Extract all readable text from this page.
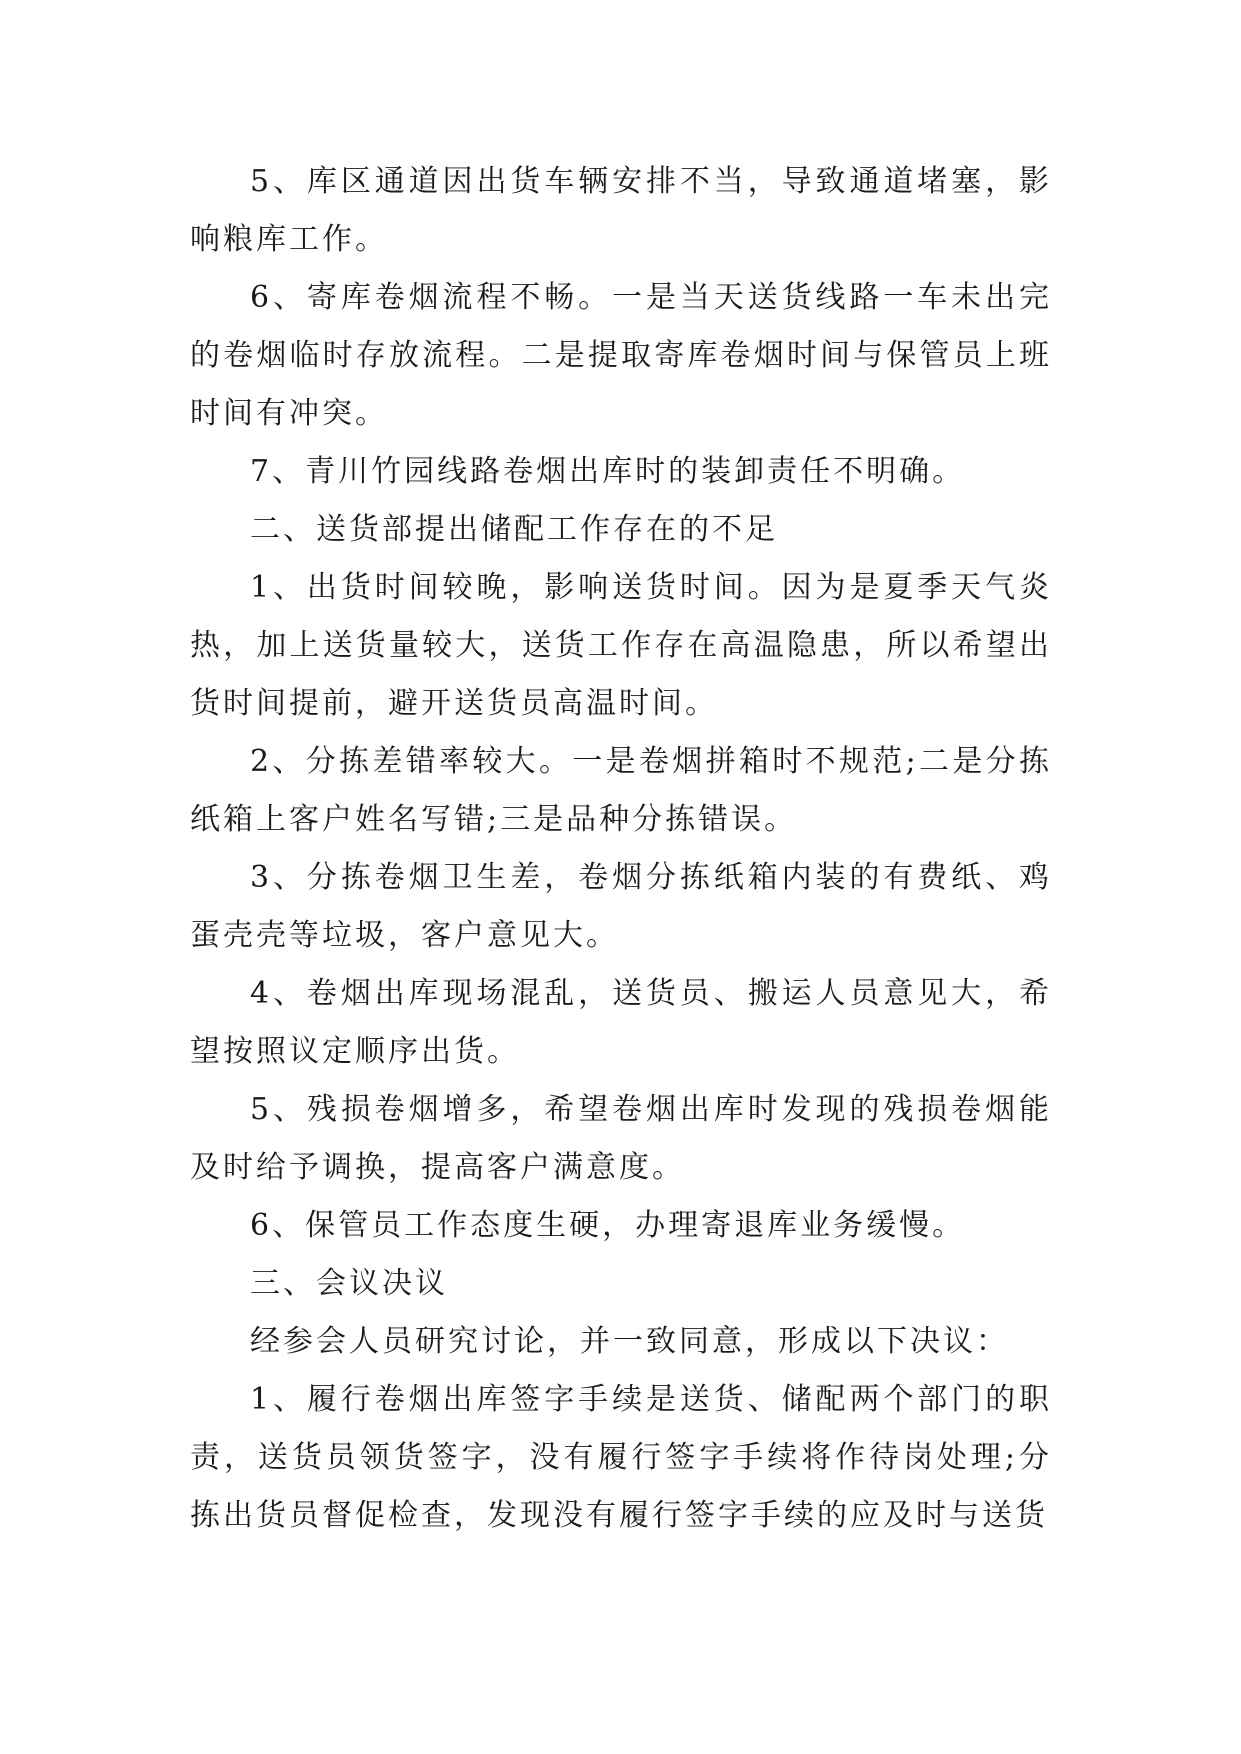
5、库区通道因出货车辆安排不当，导致通道堵塞，影响粮库工作。

6、寄库卷烟流程不畅。一是当天送货线路一车未出完的卷烟临时存放流程。二是提取寄库卷烟时间与保管员上班时间有冲突。

7、青川竹园线路卷烟出库时的装卸责任不明确。

二、送货部提出储配工作存在的不足

1、出货时间较晚，影响送货时间。因为是夏季天气炎热，加上送货量较大，送货工作存在高温隐患，所以希望出货时间提前，避开送货员高温时间。

2、分拣差错率较大。一是卷烟拼箱时不规范;二是分拣纸箱上客户姓名写错;三是品种分拣错误。

3、分拣卷烟卫生差，卷烟分拣纸箱内装的有费纸、鸡蛋壳壳等垃圾，客户意见大。

4、卷烟出库现场混乱，送货员、搬运人员意见大，希望按照议定顺序出货。

5、残损卷烟增多，希望卷烟出库时发现的残损卷烟能及时给予调换，提高客户满意度。

6、保管员工作态度生硬，办理寄退库业务缓慢。

三、会议决议

经参会人员研究讨论，并一致同意，形成以下决议：

1、履行卷烟出库签字手续是送货、储配两个部门的职责，送货员领货签字，没有履行签字手续将作待岗处理;分拣出货员督促检查，发现没有履行签字手续的应及时与送货
